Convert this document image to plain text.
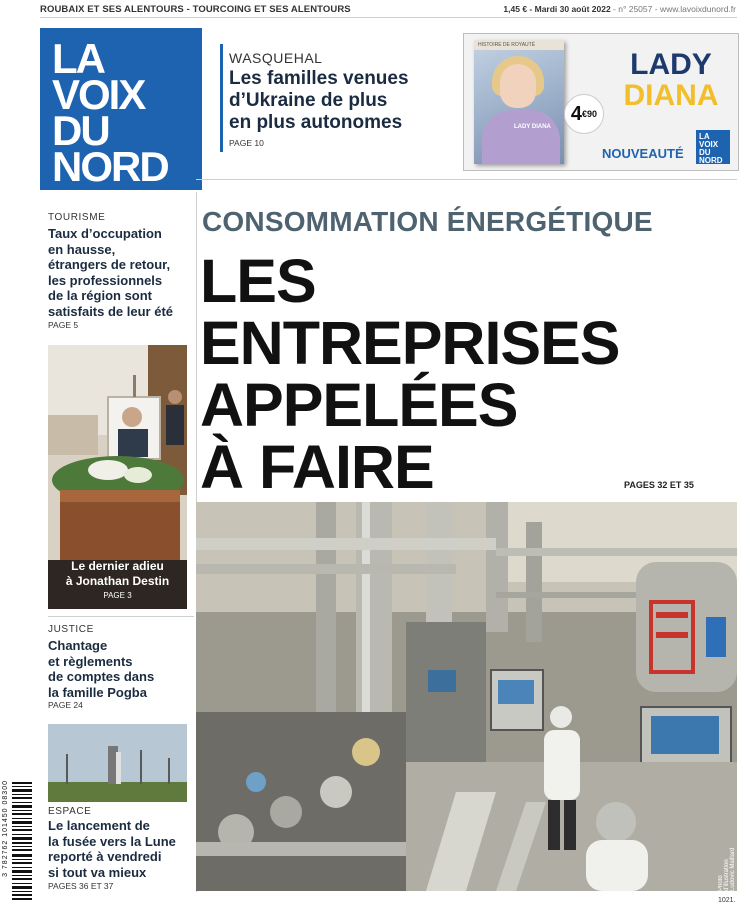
ROUBAIX ET SES ALENTOURS - TOURCOING ET SES ALENTOURS	1,45 € - Mardi 30 août 2022 - n° 25057 - www.lavoixdunord.fr
LA
VOIX
DU
NORD
WASQUEHAL
Les familles venues
d’Ukraine de plus
en plus autonomes
PAGE 10
HISTOIRE DE ROYAUTÉ
LADY DIANA
$4^{€90}$
LADY
DIANA
NOUVEAUTÉ
LA
VOIX
DU
NORD
TOURISME
Taux d’occupation
en hausse,
étrangers de retour,
les professionnels
de la région sont
satisfaits de leur été
PAGE 5
Le dernier adieu
à Jonathan Destin
PAGE 3
JUSTICE
Chantage
et règlements
de comptes dans
la famille Pogba
PAGE 24
ESPACE
Le lancement de
la fusée vers la Lune
reporté à vendredi
si tout va mieux
PAGES 36 ET 37
CONSOMMATION ÉNERGÉTIQUE
LES ENTREPRISES
APPELÉES
À FAIRE	PAGES 32 ET 35
Photo d’illustration Ludovic Maillard
3 782762 101450 08300
1021.
